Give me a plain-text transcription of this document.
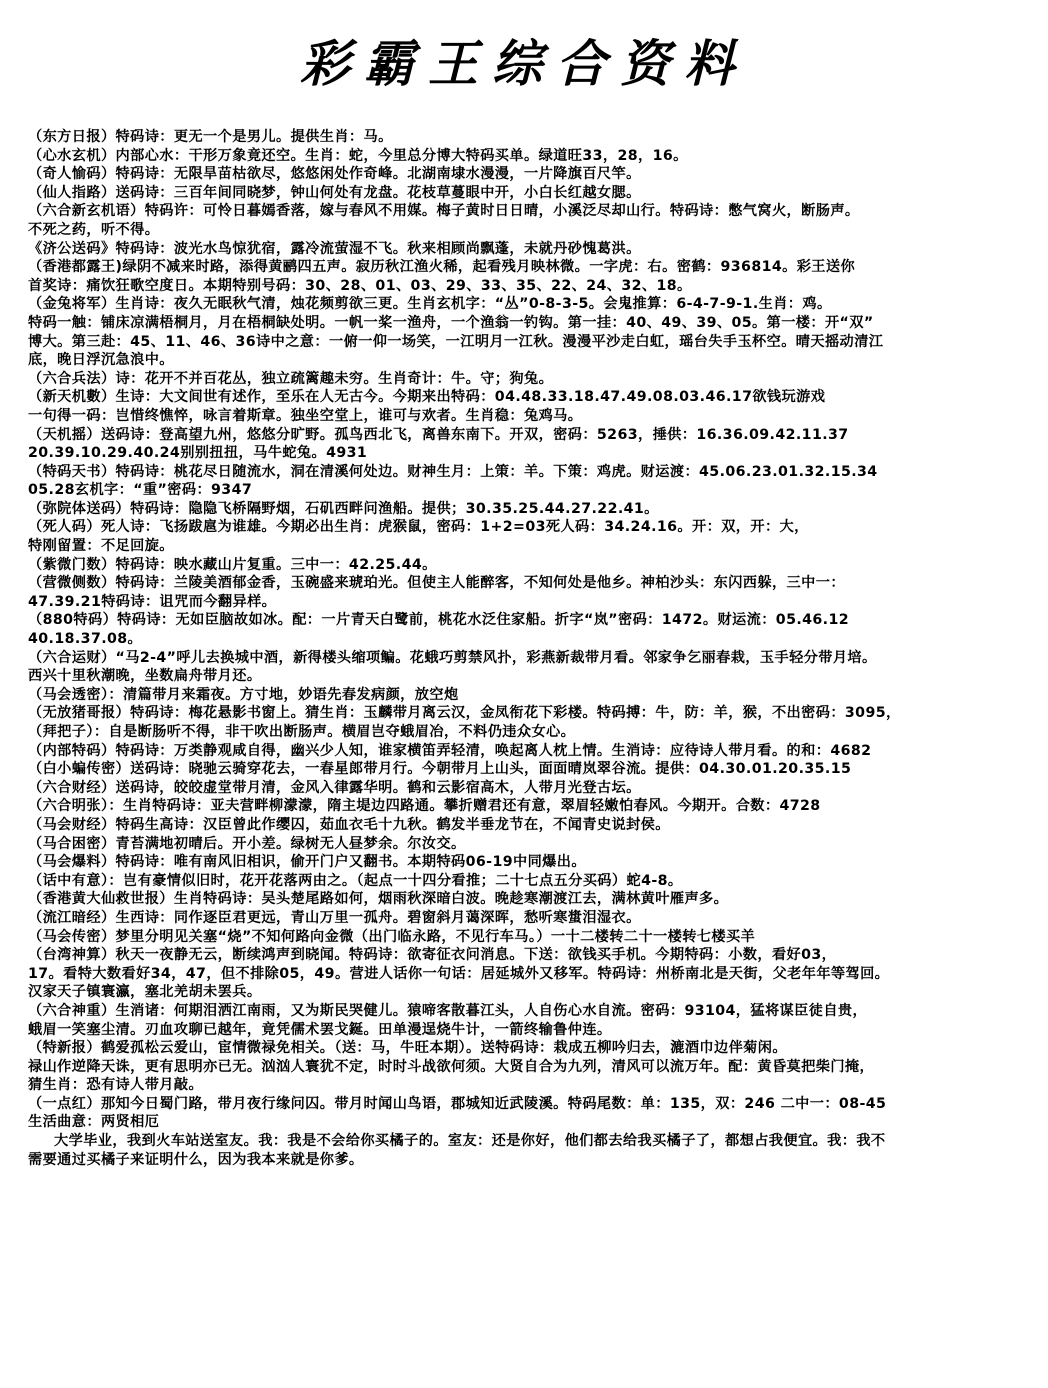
彩霸王综合资料
（东方日报）特码诗：更无一个是男儿。提供生肖：马。
（心水玄机）内部心水：干形万象竟还空。生肖：蛇，今里总分博大特码买单。绿道旺33，28，16。
（奇人愉码）特码诗：无限旱苗枯欲尽，悠悠闲处作奇峰。北湖南埭水漫漫，一片降旗百尺竿。
（仙人指路）送码诗：三百年间同晓梦，钟山何处有龙盘。花枝草蔓眼中开，小白长红越女腮。
（六合新玄机语）特码许：可怜日暮嫣香落，嫁与春风不用媒。梅子黄时日日晴，小溪泛尽却山行。特码诗：憋气窝火，断肠声。
不死之药，听不得。
《济公送码》特码诗：波光水鸟惊犹宿，露冷流萤湿不飞。秋来相顾尚飘蓬，未就丹砂愧葛洪。
（香港都露王)绿阴不减来时路，添得黄鹂四五声。寂历秋江渔火稀，起看残月映林微。一字虎：右。密鹤：936814。彩王送你
首奖诗：痛饮狂歌空度日。本期特别号码：30、28、01、03、29、33、35、22、24、32、18。
（金兔将军）生肖诗：夜久无眠秋气清，烛花频剪欲三更。生肖玄机字：“丛”0-8-3-5。会鬼推算：6-4-7-9-1.生肖：鸡。
特码一触：铺床凉满梧桐月，月在梧桐缺处明。一帆一桨一渔舟，一个渔翁一钓钩。第一挂：40、49、39、05。第一楼：开“双”
博大。第三赴：45、11、46、36诗中之意：一俯一仰一场笑，一江明月一江秋。漫漫平沙走白虹，瑶台失手玉杯空。晴天摇动清江
底，晚日浮沉急浪中。
（六合兵法）诗：花开不并百花丛，独立疏篱趣未穷。生肖奇计：牛。守；狗兔。
（新天机數）生诗：大文间世有述作，至乐在人无古今。今期来出特码：04.48.33.18.47.49.08.03.46.17欲钱玩游戏
一句得一码：岂惜终憔悴，咏言着斯章。独坐空堂上，谁可与欢者。生肖稳：兔鸡马。
（天机摇）送码诗：登高望九州，悠悠分旷野。孤鸟西北飞，离兽东南下。开双，密码：5263，捶供：16.36.09.42.11.37
20.39.10.29.40.24别别扭扭，马牛蛇兔。4931
（特码天书）特码诗：桃花尽日随流水，洞在清溪何处边。财神生月：上策：羊。下策：鸡虎。财运渡：45.06.23.01.32.15.34
05.28玄机字：“重”密码：9347
（弥院体送码）特码诗：隐隐飞桥隔野烟，石矶西畔问渔船。提供；30.35.25.44.27.22.41。
（死人码）死人诗：飞扬跋扈为谁雄。今期必出生肖：虎猴鼠，密码：1+2=03死人码：34.24.16。开：双，开：大，
特刚留置：不足回旋。
（紫微门数）特码诗：映水藏山片复重。三中一：42.25.44。
（营微侧数）特码诗：兰陵美酒郁金香，玉碗盛来琥珀光。但使主人能醉客，不知何处是他乡。神柏沙头：东闪西躲，三中一：
47.39.21特码诗：诅咒而今翻异样。
（880特码）特码诗：无如臣脑故如冰。配：一片青天白鹭前，桃花水泛住家船。折字“岚”密码：1472。财运流：05.46.12
40.18.37.08。
（六合运财）“马2-4”呼儿去换城中酒，新得楼头缩项鳊。花蛾巧剪禁风扑，彩燕新裁带月看。邻家争乞丽春栽，玉手轻分带月培。
西兴十里秋潮晚，坐数扁舟带月还。
（马会透密）：清篇带月来霜夜。方寸地，妙语先春发病颜，放空炮
（无放猪哥报）特码诗：梅花悬影书窗上。猜生肖：玉麟带月离云汉，金凤衔花下彩楼。特码搏：牛，防：羊，猴，不出密码：3095，
（拜把子）：自是断肠听不得，非干吹出断肠声。横眉岂夺蛾眉冶，不料仍违众女心。
（内部特码）特码诗：万类静观咸自得，幽兴少人知，谁家横笛弄轻清，唤起离人枕上情。生消诗：应待诗人带月看。的和：4682
（白小蝙传密）送码诗：晓驰云骑穿花去，一春星郎带月行。今朝带月上山头，面面晴岚翠谷流。提供：04.30.01.20.35.15
（六合财经）送码诗，皎皎虚堂带月清，金风入律露华明。鹤和云影宿高木，人带月光登古坛。
（六合明张）：生肖特码诗：亚夫营畔柳濛濛，隋主堤边四路通。攀折赠君还有意，翠眉轻嫩怕春风。今期开。合数：4728
（马会财经）特码生高诗：汉臣曾此作缨囚，茹血衣毛十九秋。鹤发半垂龙节在，不闻青史说封侯。
（马合困密）青苔满地初晴后。开小差。绿树无人昼梦余。尔汝交。
（马会爆料）特码诗：唯有南风旧相识，偷开门户又翻书。本期特码06-19中同爆出。
（话中有意）：岂有豪情似旧时，花开花落两由之。（起点一十四分看推；二十七点五分买码）蛇4-8。
（香港黄大仙救世报）生肖特码诗：吴头楚尾路如何，烟雨秋深暗白波。晚趁寒潮渡江去，满林黄叶雁声多。
（流江暗经）生西诗：同作逐臣君更远，青山万里一孤舟。碧窗斜月蔼深晖，愁听寒螀泪湿衣。
（马会传密）梦里分明见关塞“烧”不知何路向金微（出门临永路，不见行车马。）一十二楼转二十一楼转七楼买羊
（台湾神算）秋天一夜静无云，断续鸿声到晓闻。特码诗：欲寄征衣问消息。下送：欲钱买手机。今期特码：小数，看好03，
17。看特大数看好34，47，但不排除05，49。营进人话你一句话：居延城外又移军。特码诗：州桥南北是天街，父老年年等驾回。
汉家天子镇寰瀛，塞北羌胡未罢兵。
（六合神重）生消诸：何期泪洒江南雨，又为斯民哭健儿。猿啼客散暮江头，人自伤心水自流。密码：93104，猛将谋臣徒自贵，
蛾眉一笑塞尘清。刃血攻聊已越年，竟凭儒术罢戈鋋。田单漫逞烧牛计，一箭终输鲁仲连。
（特新报）鹤爱孤松云爱山，宦情微禄免相关。（送：马，牛旺本期）。送特码诗：栽成五柳吟归去，漉酒巾边伴菊闲。
禄山作逆降天诛，更有思明亦已无。汹汹人寰犹不定，时时斗战欲何须。大贤自合为九列，清风可以流万年。配：黄昏莫把柴门掩，
猜生肖：恐有诗人带月敲。
（一点红）那知今日蜀门路，带月夜行缘问囚。带月时闻山鸟语，郡城知近武陵溪。特码尾数：单：135，双：246 二中一：08-45
生活曲意：两贤相厄
大学毕业，我到火车站送室友。我：我是不会给你买橘子的。室友：还是你好，他们都去给我买橘子了，都想占我便宜。我：我不
需要通过买橘子来证明什么，因为我本来就是你爹。
